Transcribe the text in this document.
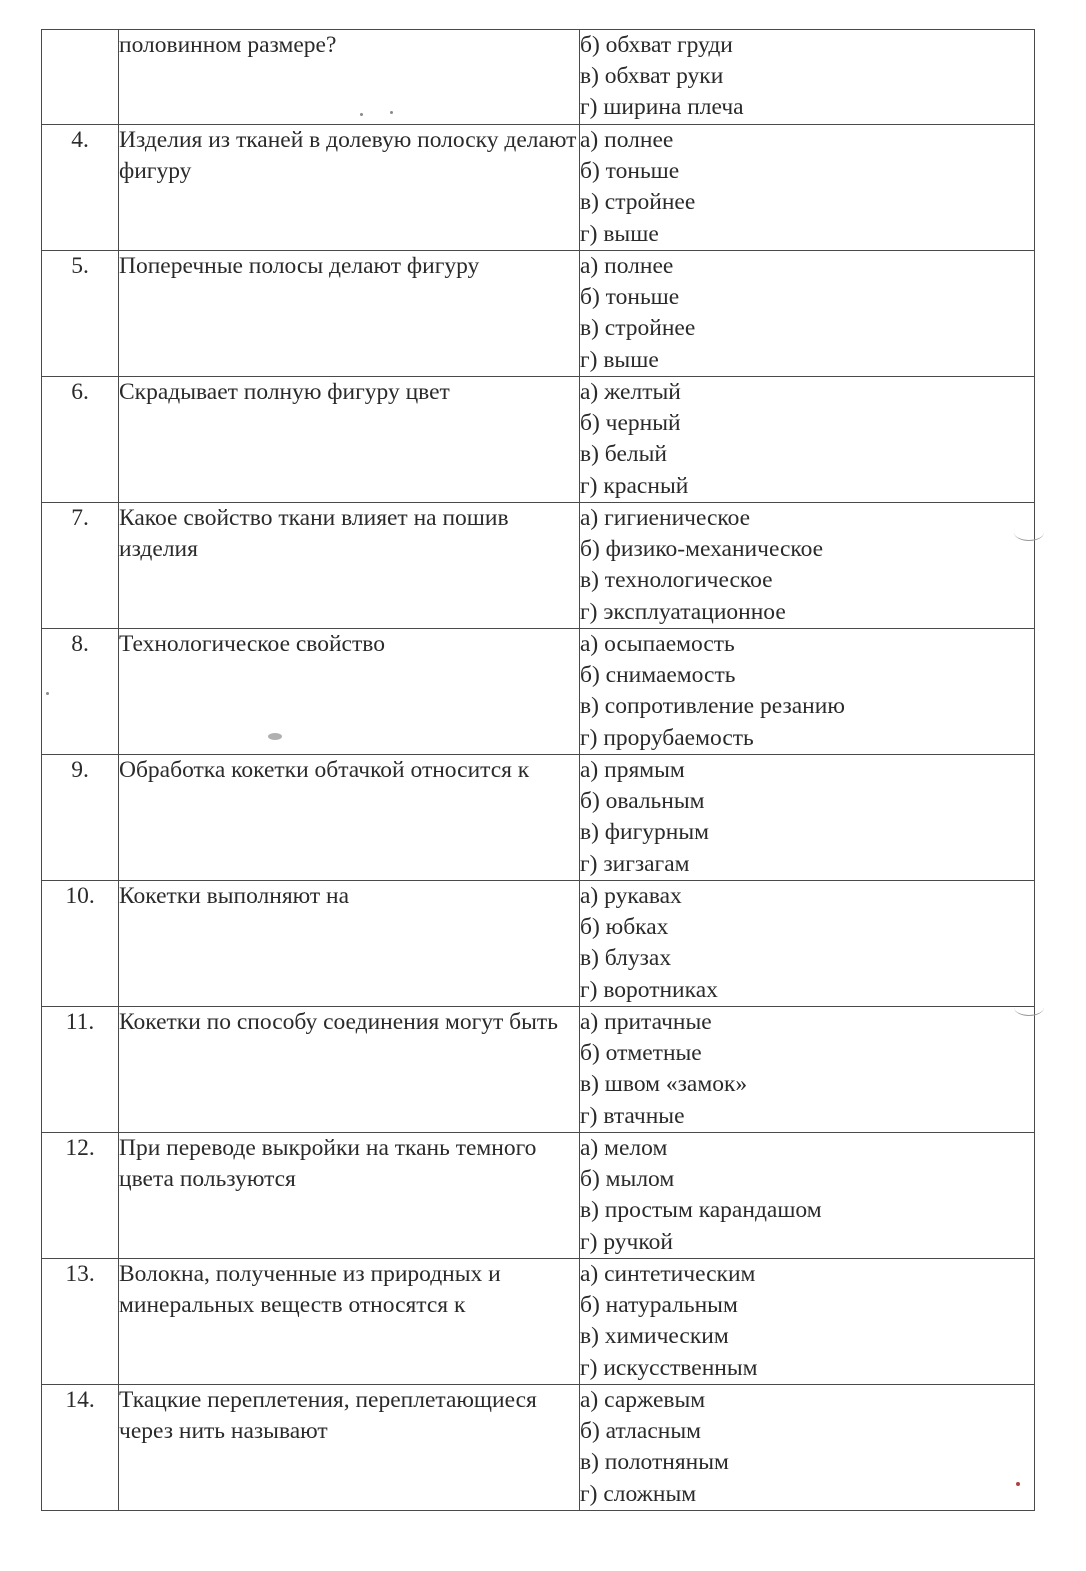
	половинном размере?	б) обхват груди
в) обхват руки
г) ширина плеча

4.	Изделия из тканей в долевую полоску делают фигуру	а) полнее
б) тоньше
в) стройнее
г) выше

5.	Поперечные полосы делают фигуру	а) полнее
б) тоньше
в) стройнее
г) выше

6.	Скрадывает полную фигуру цвет	а) желтый
б) черный
в) белый
г) красный

7.	Какое свойство ткани влияет на пошив изделия	а) гигиеническое
б) физико-механическое
в) технологическое
г) эксплуатационное

8.	Технологическое свойство	а) осыпаемость
б) снимаемость
в) сопротивление резанию
г) прорубаемость

9.	Обработка кокетки обтачкой относится к	а) прямым
б) овальным
в) фигурным
г) зигзагам

10.	Кокетки выполняют на	а) рукавах
б) юбках
в) блузах
г) воротниках

11.	Кокетки по способу соединения могут быть	а) притачные
б) отметные
в) швом «замок»
г) втачные

12.	При переводе выкройки на ткань темного цвета пользуются	а) мелом
б) мылом
в) простым карандашом
г) ручкой

13.	Волокна, полученные из природных и минеральных веществ относятся к	а) синтетическим
б) натуральным
в) химическим
г) искусственным

14.	Ткацкие переплетения, переплетающиеся через нить называют	а) саржевым
б) атласным
в) полотняным
г) сложным
